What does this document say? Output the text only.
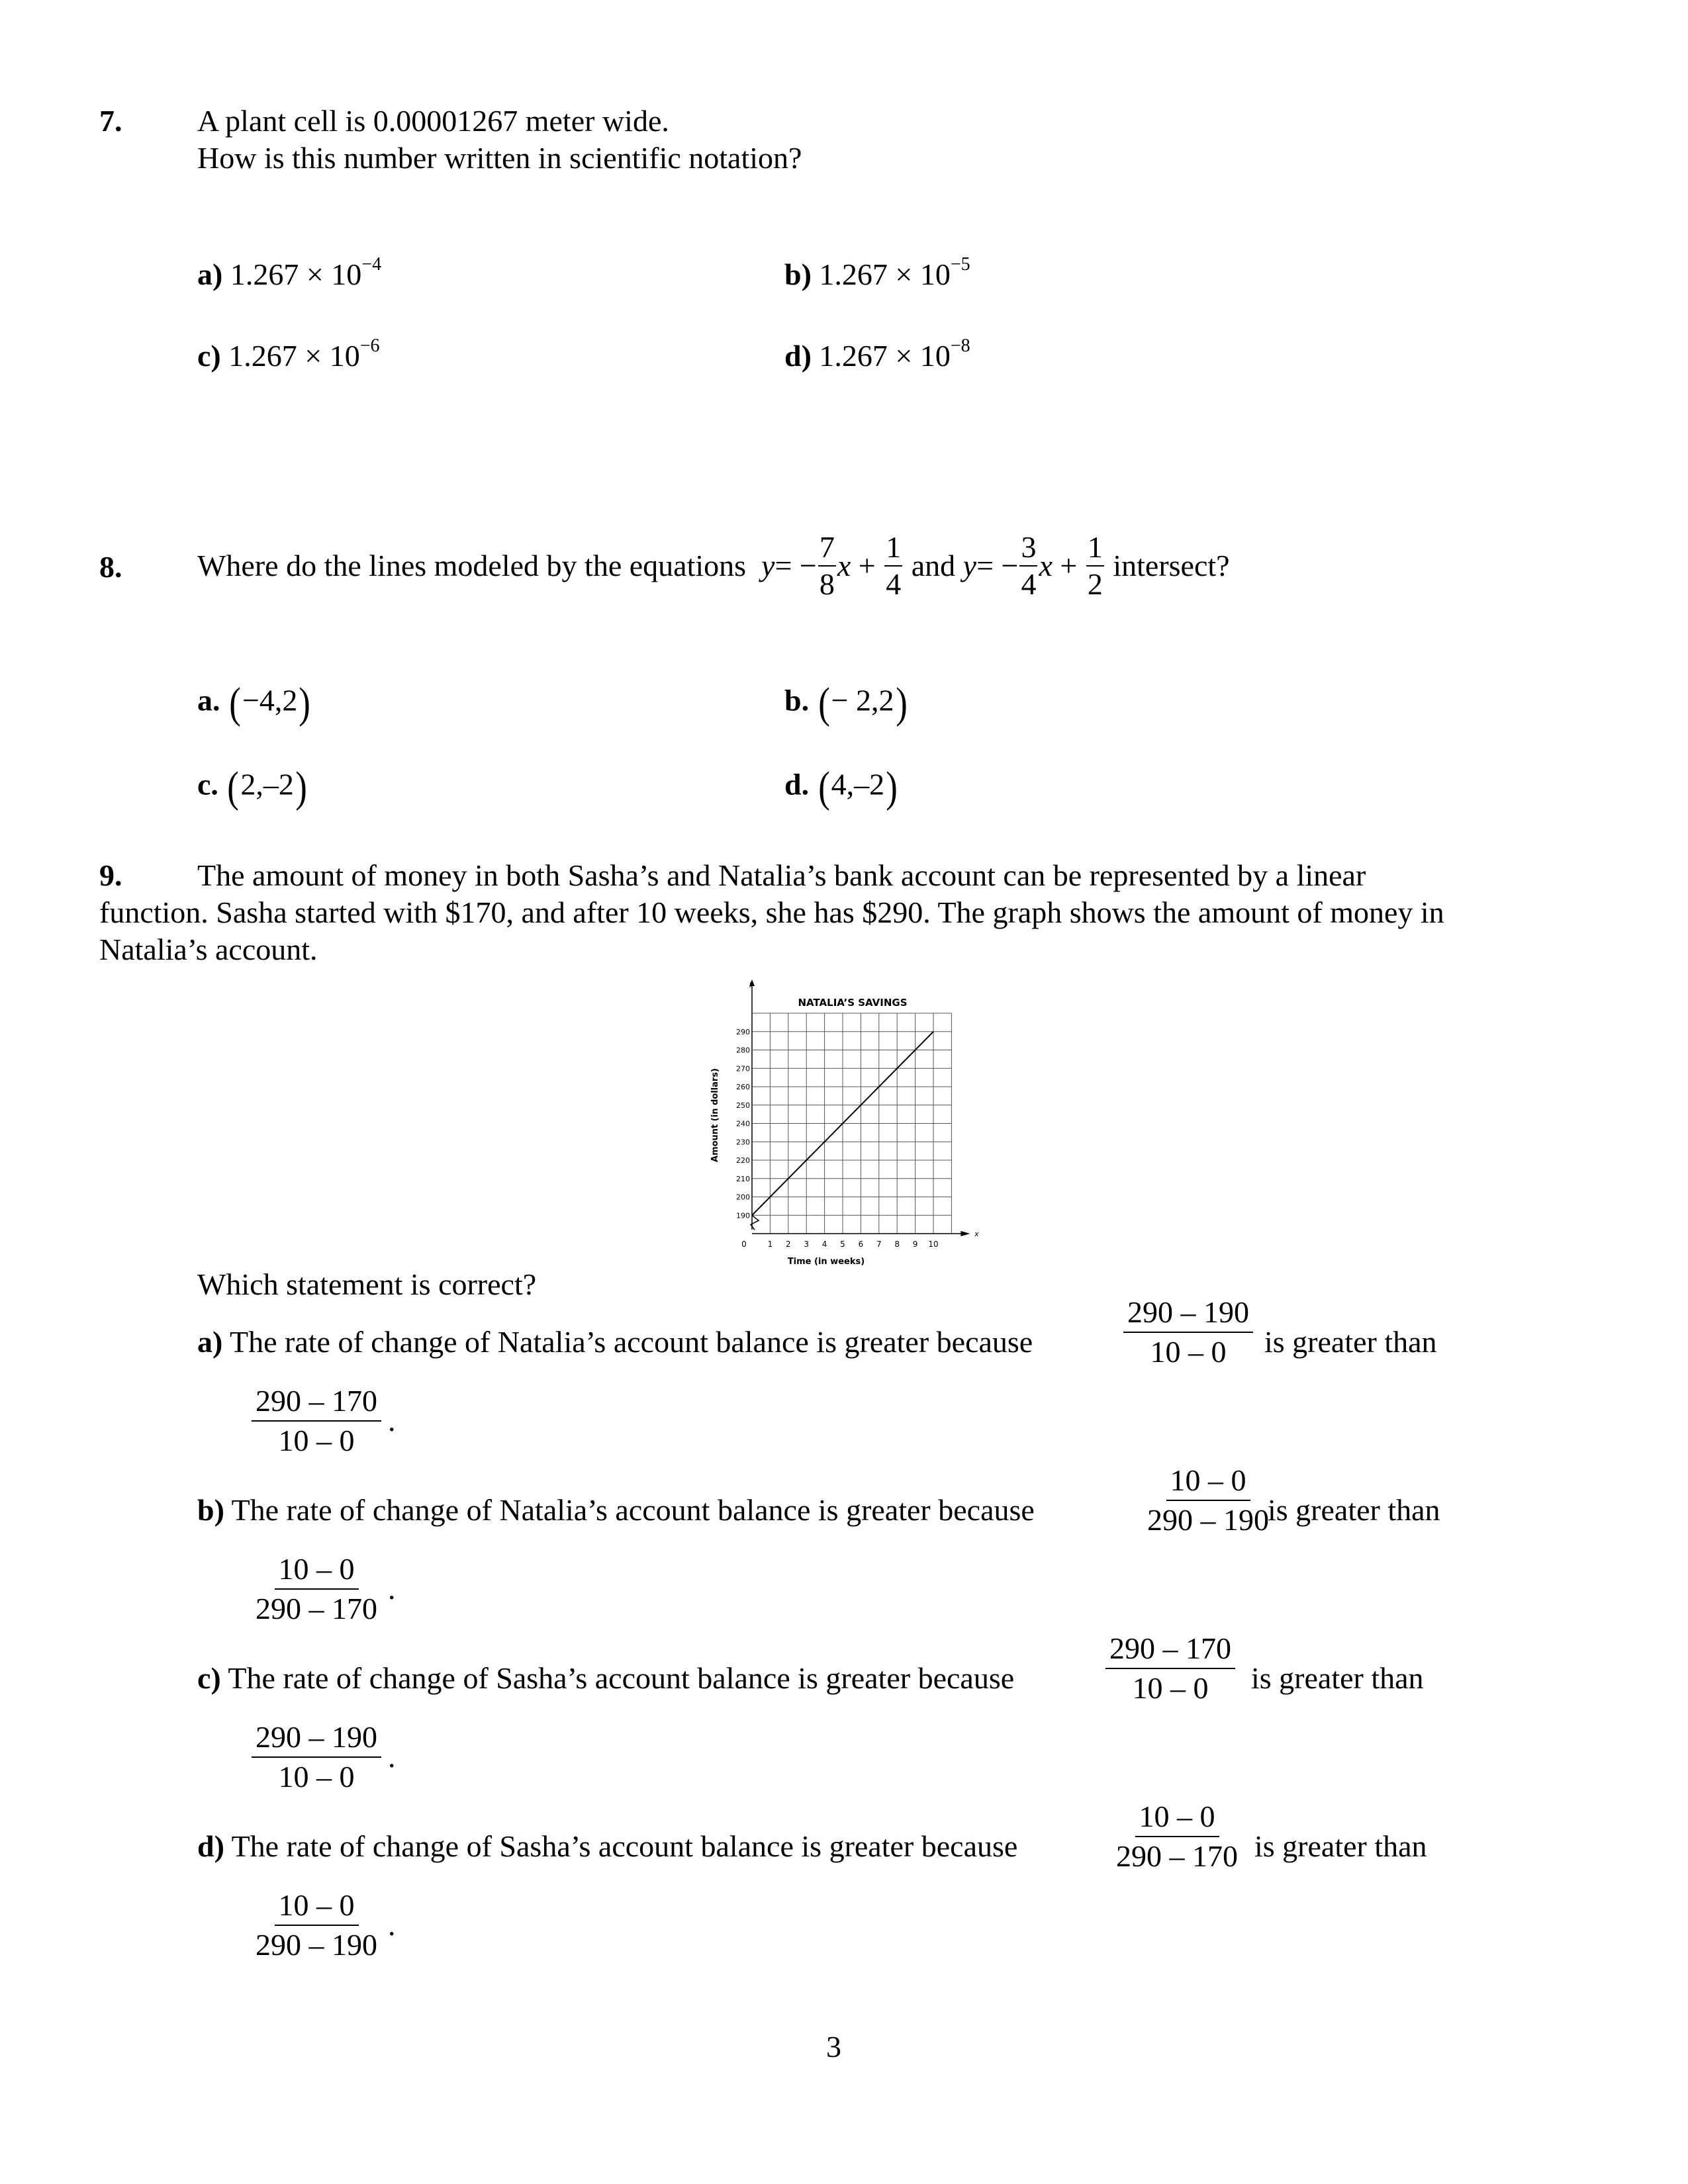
7. A plant cell is 0.00001267 meter wide.
How is this number written in scientific notation?
a) $1.267 \times 10^{-4}$	b) $1.267 \times 10^{-5}$
c) $1.267 \times 10^{-6}$	d) $1.267 \times 10^{-8}$
8. Where do the lines modeled by the equations
y = − $\frac{7}{8}$ $x + \frac{1}{4}$
and
y = − $\frac{3}{4}$ $x + \frac{1}{2}$
intersect?
a. (−4,2)	b. (− 2,2)
c. (2,–2)	d. (4,–2)
9. The amount of money in both Sasha’s and Natalia’s bank account can be represented by a linear
function. Sasha started with $170, and after 10 weeks, she has $290. The graph shows the amount of money in
Natalia’s account.
1 2 3 4 5 6 7 8 9 10
0
190
200
210
220
230
240
250
260
270
280
290
NATALIA’S SAVINGS
Time (in weeks)
Amount (in dollars)
y
x
Which statement is correct?
a) The rate of change of Natalia’s account balance is greater because	$\frac{290 - 190}{10 - 0}$ is greater than
$\frac{290 - 170}{10 - 0}$ .
b) The rate of change of Natalia’s account balance is greater because	$\frac{10 - 0}{290 - 190}$
is greater than
$\frac{10 - 0}{290 - 170}$ .
c) The rate of change of Sasha’s account balance is greater because	$\frac{290 - 170}{10 - 0}$ is greater than
$\frac{290 - 190}{10 - 0}$ .
d) The rate of change of Sasha’s account balance is greater because	$\frac{10 - 0}{290 - 170}$ is greater than
$\frac{10 - 0}{290 - 190}$ .
3
